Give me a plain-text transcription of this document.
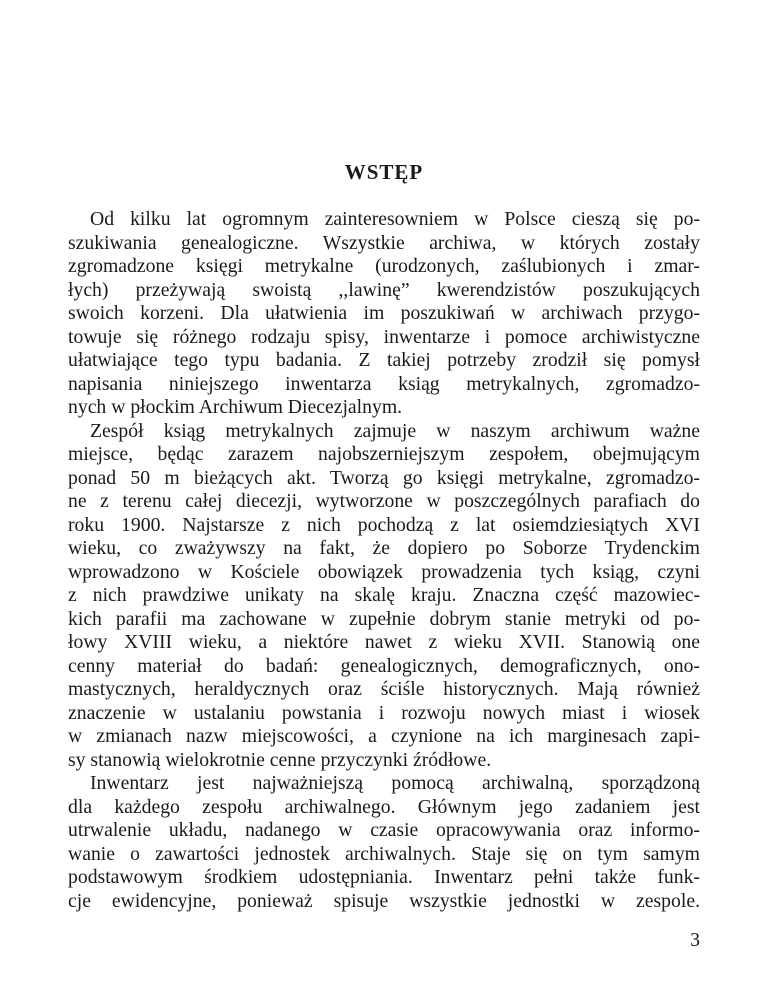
WSTĘP
Od kilku lat ogromnym zainteresowniem w Polsce cieszą się po-
szukiwania genealogiczne. Wszystkie archiwa, w których zostały
zgromadzone księgi metrykalne (urodzonych, zaślubionych i zmar-
łych) przeżywają swoistą ,,lawinę” kwerendzistów poszukujących
swoich korzeni. Dla ułatwienia im poszukiwań w archiwach przygo-
towuje się różnego rodzaju spisy, inwentarze i pomoce archiwistyczne
ułatwiające tego typu badania. Z takiej potrzeby zrodził się pomysł
napisania niniejszego inwentarza ksiąg metrykalnych, zgromadzo-
nych w płockim Archiwum Diecezjalnym.
Zespół ksiąg metrykalnych zajmuje w naszym archiwum ważne
miejsce, będąc zarazem najobszerniejszym zespołem, obejmującym
ponad 50 m bieżących akt. Tworzą go księgi metrykalne, zgromadzo-
ne z terenu całej diecezji, wytworzone w poszczególnych parafiach do
roku 1900. Najstarsze z nich pochodzą z lat osiemdziesiątych XVI
wieku, co zważywszy na fakt, że dopiero po Soborze Trydenckim
wprowadzono w Kościele obowiązek prowadzenia tych ksiąg, czyni
z nich prawdziwe unikaty na skalę kraju. Znaczna część mazowiec-
kich parafii ma zachowane w zupełnie dobrym stanie metryki od po-
łowy XVIII wieku, a niektóre nawet z wieku XVII. Stanowią one
cenny materiał do badań: genealogicznych, demograficznych, ono-
mastycznych, heraldycznych oraz ściśle historycznych. Mają również
znaczenie w ustalaniu powstania i rozwoju nowych miast i wiosek
w zmianach nazw miejscowości, a czynione na ich marginesach zapi-
sy stanowią wielokrotnie cenne przyczynki źródłowe.
Inwentarz jest najważniejszą pomocą archiwalną, sporządzoną
dla każdego zespołu archiwalnego. Głównym jego zadaniem jest
utrwalenie układu, nadanego w czasie opracowywania oraz informo-
wanie o zawartości jednostek archiwalnych. Staje się on tym samym
podstawowym środkiem udostępniania. Inwentarz pełni także funk-
cje ewidencyjne, ponieważ spisuje wszystkie jednostki w zespole.
3
